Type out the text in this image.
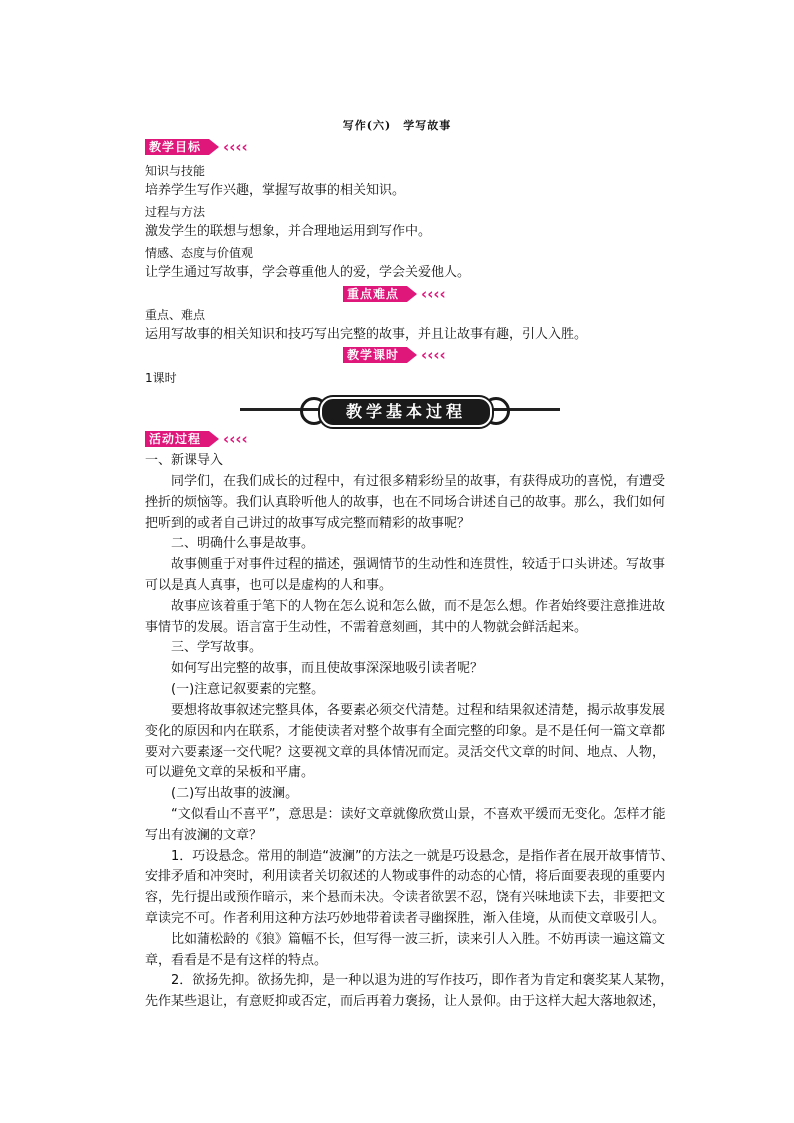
写作(六)　学写故事
教学目标	‹‹‹‹
重点难点	‹‹‹‹
教学课时	‹‹‹‹
教学基本过程
活动过程	‹‹‹‹
知识与技能
培养学生写作兴趣，掌握写故事的相关知识。
过程与方法
激发学生的联想与想象，并合理地运用到写作中。
情感、态度与价值观
让学生通过写故事，学会尊重他人的爱，学会关爱他人。
重点、难点
运用写故事的相关知识和技巧写出完整的故事，并且让故事有趣，引人入胜。
1课时
一、新课导入
　　同学们，在我们成长的过程中，有过很多精彩纷呈的故事，有获得成功的喜悦，有遭受
挫折的烦恼等。我们认真聆听他人的故事，也在不同场合讲述自己的故事。那么，我们如何
把听到的或者自己讲过的故事写成完整而精彩的故事呢？
　　二、明确什么事是故事。
　　故事侧重于对事件过程的描述，强调情节的生动性和连贯性，较适于口头讲述。写故事
可以是真人真事，也可以是虚构的人和事。
　　故事应该着重于笔下的人物在怎么说和怎么做，而不是怎么想。作者始终要注意推进故
事情节的发展。语言富于生动性，不需着意刻画，其中的人物就会鲜活起来。
　　三、学写故事。
　　如何写出完整的故事，而且使故事深深地吸引读者呢？
　　(一)注意记叙要素的完整。
　　要想将故事叙述完整具体，各要素必须交代清楚。过程和结果叙述清楚，揭示故事发展
变化的原因和内在联系，才能使读者对整个故事有全面完整的印象。是不是任何一篇文章都
要对六要素逐一交代呢？这要视文章的具体情况而定。灵活交代文章的时间、地点、人物，
可以避免文章的呆板和平庸。
　　(二)写出故事的波澜。
　　“文似看山不喜平”，意思是：读好文章就像欣赏山景，不喜欢平缓而无变化。怎样才能
写出有波澜的文章？
　　1．巧设悬念。常用的制造“波澜”的方法之一就是巧设悬念，是指作者在展开故事情节、
安排矛盾和冲突时，利用读者关切叙述的人物或事件的动态的心情，将后面要表现的重要内
容，先行提出或预作暗示，来个悬而未决。令读者欲罢不忍，饶有兴味地读下去，非要把文
章读完不可。作者利用这种方法巧妙地带着读者寻幽探胜，渐入佳境，从而使文章吸引人。
　　比如蒲松龄的《狼》篇幅不长，但写得一波三折，读来引人入胜。不妨再读一遍这篇文
章，看看是不是有这样的特点。
　　2．欲扬先抑。欲扬先抑，是一种以退为进的写作技巧，即作者为肯定和褒奖某人某物，
先作某些退让，有意贬抑或否定，而后再着力褒扬，让人景仰。由于这样大起大落地叙述，
